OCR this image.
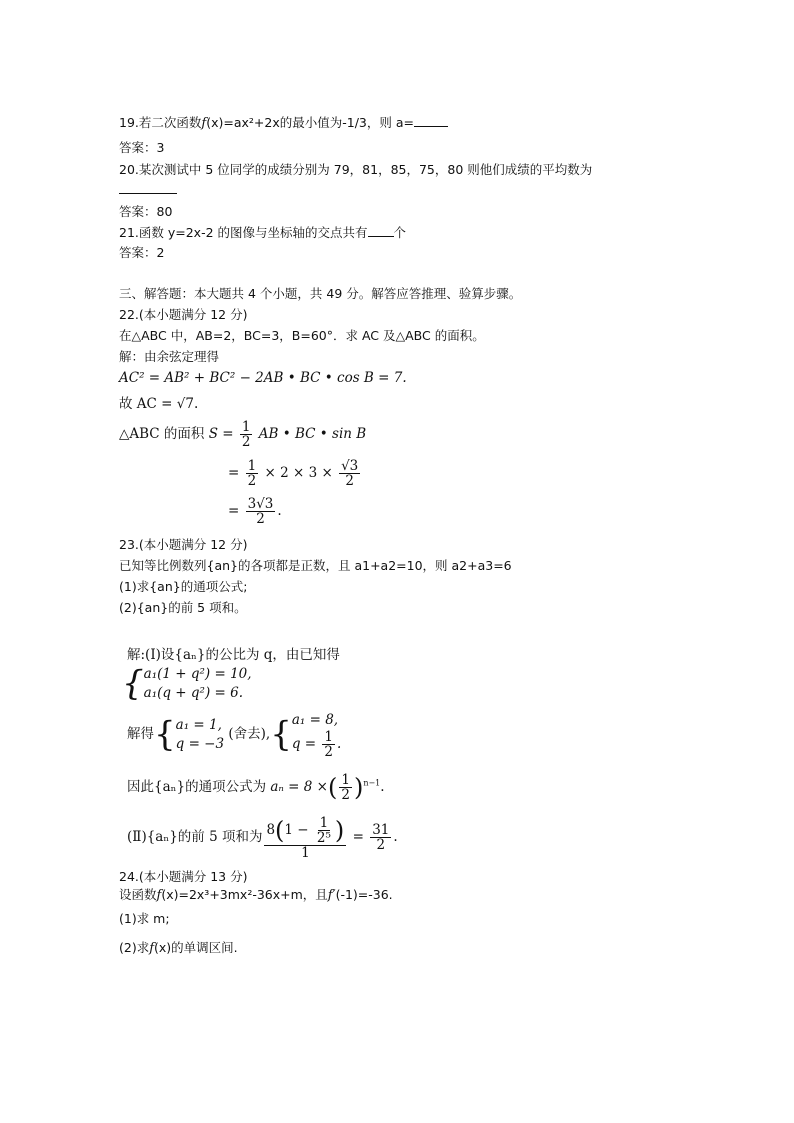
19.若二次函数f(x)=ax²+2x的最小值为-1/3，则 a=
答案：3
20.某次测试中 5 位同学的成绩分别为 79，81，85，75，80 则他们成绩的平均数为
答案：80
21.函数 y=2x-2 的图像与坐标轴的交点共有 个
答案：2
三、解答题：本大题共 4 个小题，共 49 分。解答应答推理、验算步骤。
22.(本小题满分 12 分)
在△ABC 中，AB=2，BC=3，B=60°．求 AC 及△ABC 的面积。
解：由余弦定理得
AC² = AB² + BC² − 2AB • BC • cos B = 7.
故 AC = √7.
△ABC 的面积 $S = \frac{1}{2}$ AB • BC • sin B
= $\frac{1}{2} \times 2 \times 3 \times \frac{√3}{2}$
= $\frac{3√3}{2}$ .
23.(本小题满分 12 分)
已知等比例数列{an}的各项都是正数，且 a1+a2=10，则 a2+a3=6
(1)求{an}的通项公式;
(2){an}的前 5 项和。
解:(Ⅰ)设{aₙ}的公比为 q，由已知得
{ a₁(1 + q²) = 10,
a₁(q + q²) = 6.
解得{ a₁ = 1,
q = −3
(舍去),{ a₁ = 8,
$q = \frac{1}{2}$ .
因此{aₙ}的通项公式为 aₙ = 8 ×( $\frac{1}{2} )^{n-1}$.
(Ⅱ){aₙ}的前 5 项和为 $\frac{8(1 - \frac{1}{\text{2⁵}} )}{1} = \frac{31}{2}$ .
24.(本小题满分 13 分)
设函数f(x)=2x³+3mx²-36x+m，且f′(-1)=-36.
(1)求 m;
(2)求f(x)的单调区间.
